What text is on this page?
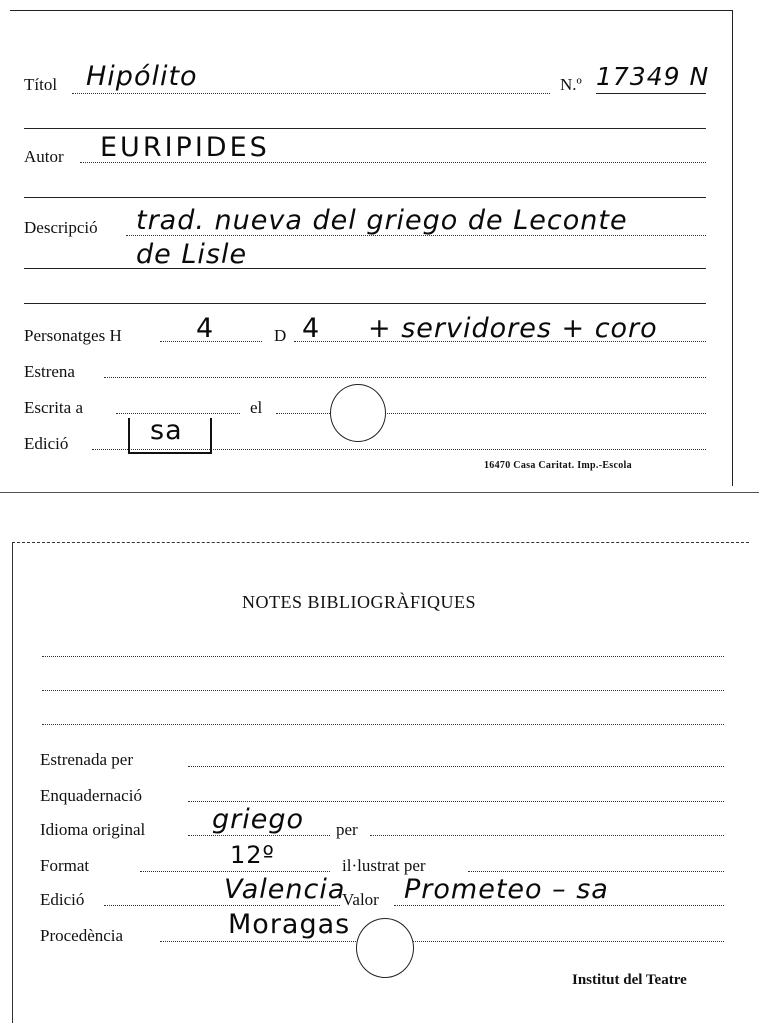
Títol Hipólito	N.º 17349 N
Autor EURIPIDES
Descripció trad. nueva del griego de Leconte
de Lisle
Personatges H	4	D 4 + servidores + coro
Estrena
Escrita a	el
Edició	sa
16470 Casa Caritat. Imp.-Escola
NOTES BIBLIOGRÀFIQUES
Estrenada per
Enquadernació
Idioma original griego per
Format	12º	il·lustrat per
Edició	Valencia
Valor Prometeo – sa
Procedència	Moragas
Institut del Teatre
